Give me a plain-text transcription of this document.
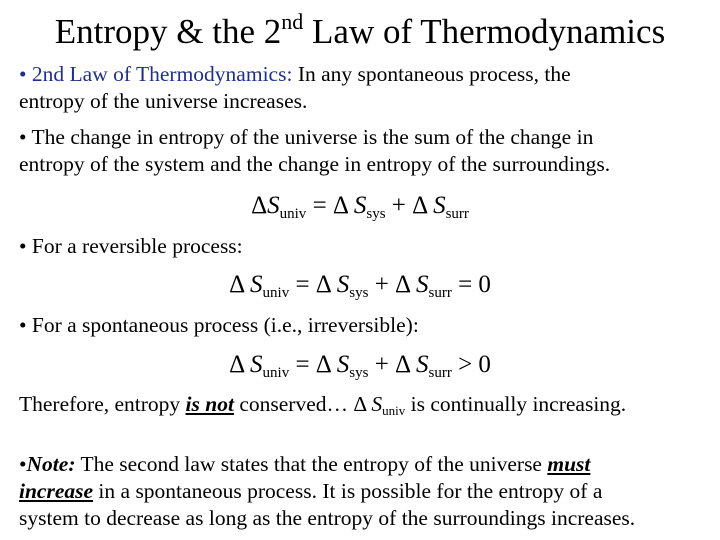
Entropy & the 2nd Law of Thermodynamics
• 2nd Law of Thermodynamics: In any spontaneous process, the
entropy of the universe increases.
• The change in entropy of the universe is the sum of the change in
entropy of the system and the change in entropy of the surroundings.
$\Delta S_{univ} = \Delta$ $S_{sys} + \Delta$ $S_{surr}$
• For a reversible process:
Δ $S_{univ} = \Delta$ $S_{sys} + \Delta$ $S_{surr} = 0$
• For a spontaneous process (i.e., irreversible):
Δ $S_{univ} = \Delta$ $S_{sys} + \Delta$ $S_{surr} > 0$
Therefore, entropy is not conserved… Δ $S_{univ}$ is continually increasing.
•Note: The second law states that the entropy of the universe must
increase in a spontaneous process. It is possible for the entropy of a
system to decrease as long as the entropy of the surroundings increases.
